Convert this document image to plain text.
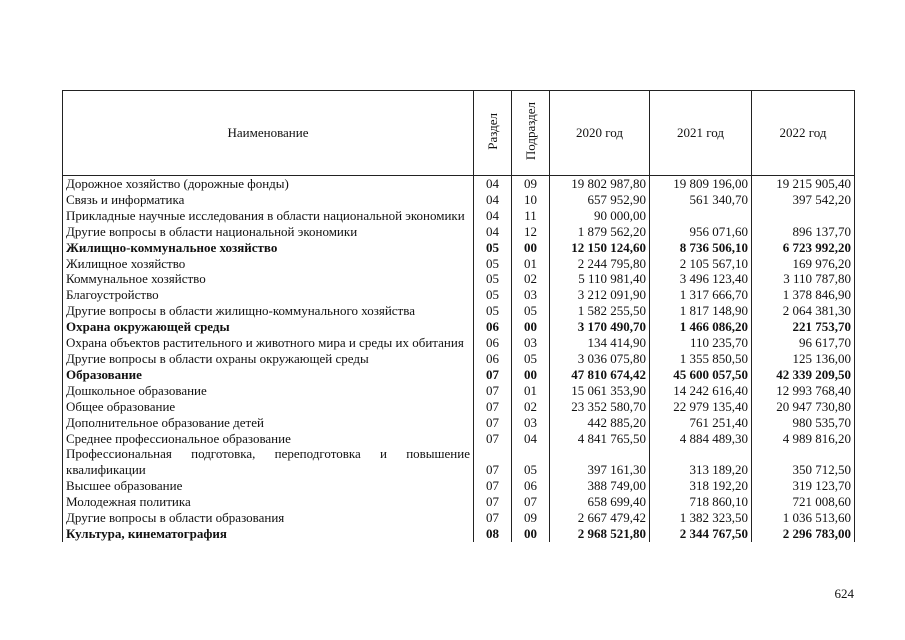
Наименование	Раздел	Подраздел	2020 год	2021 год	2022 год
Дорожное хозяйство (дорожные фонды)	04	09	19 802 987,80	19 809 196,00	19 215 905,40
Связь и информатика	04	10	657 952,90	561 340,70	397 542,20
Прикладные научные исследования в области национальной экономики	04	11	90 000,00		
Другие вопросы в области национальной экономики	04	12	1 879 562,20	956 071,60	896 137,70
Жилищно-коммунальное хозяйство	05	00	12 150 124,60	8 736 506,10	6 723 992,20
Жилищное хозяйство	05	01	2 244 795,80	2 105 567,10	169 976,20
Коммунальное хозяйство	05	02	5 110 981,40	3 496 123,40	3 110 787,80
Благоустройство	05	03	3 212 091,90	1 317 666,70	1 378 846,90
Другие вопросы в области жилищно-коммунального хозяйства	05	05	1 582 255,50	1 817 148,90	2 064 381,30
Охрана окружающей среды	06	00	3 170 490,70	1 466 086,20	221 753,70
Охрана объектов растительного и животного мира и среды их обитания	06	03	134 414,90	110 235,70	96 617,70
Другие вопросы в области охраны окружающей среды	06	05	3 036 075,80	1 355 850,50	125 136,00
Образование	07	00	47 810 674,42	45 600 057,50	42 339 209,50
Дошкольное образование	07	01	15 061 353,90	14 242 616,40	12 993 768,40
Общее образование	07	02	23 352 580,70	22 979 135,40	20 947 730,80
Дополнительное образование детей	07	03	442 885,20	761 251,40	980 535,70
Среднее профессиональное образование	07	04	4 841 765,50	4 884 489,30	4 989 816,20
Профессиональная подготовка, переподготовка и повышение квалификации	07	05	397 161,30	313 189,20	350 712,50
Высшее образование	07	06	388 749,00	318 192,20	319 123,70
Молодежная политика	07	07	658 699,40	718 860,10	721 008,60
Другие вопросы в области образования	07	09	2 667 479,42	1 382 323,50	1 036 513,60
Культура, кинематография	08	00	2 968 521,80	2 344 767,50	2 296 783,00
624
